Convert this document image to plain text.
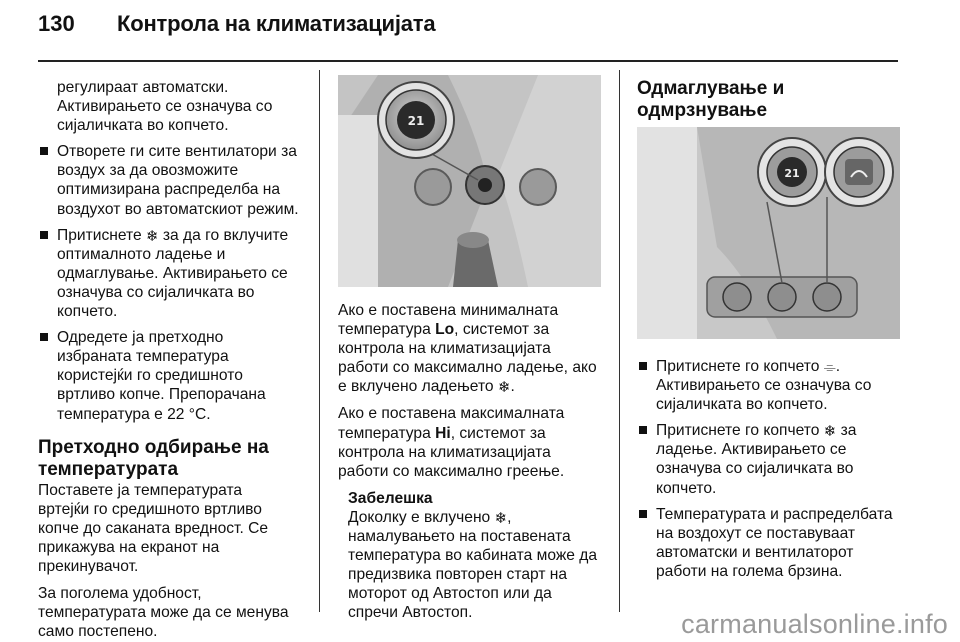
130 Контрола на климатизацијата

регулираат автоматски.

Активирањето се означува со

сијаличката во копчето.

Отворете ги сите вентилатори за

воздух за да овозможите

оптимизирана распределба на

воздухот во автоматскиот режим.

Притиснете ❄ за да го вклучите

оптималното ладење и

одмаглување. Активирањето се

означува со сијаличката во

копчето.

Одредете ја претходно

избраната температура

користејќи го средишното

вртливо копче. Препорачана

температура е 22 °C.

Претходно одбирање на
температурата

Поставете ја температурата

вртејќи го средишното вртливо

копче до саканата вредност. Се

прикажува на екранот на

прекинувачот.

За поголема удобност,

температурата може да се менува

само постепено.

21

Ако е поставена минималната

температура Lo, системот за

контрола на климатизацијата

работи со максимално ладење, ако

е вклучено ладењето ❄.

Ако е поставена максималната

температура Hi, системот за

контрола на климатизацијата

работи со максимално греење.

Забелешка

Доколку е вклучено ❄,

намалувањето на поставената

температура во кабината може да

предизвика повторен старт на

моторот од Автостоп или да

спречи Автостоп.

Одмаглување и одмрзнување
21

Притиснете го копчето ⌯.

Активирањето се означува со

сијаличката во копчето.

Притиснете го копчето ❄ за

ладење. Активирањето се

означува со сијаличката во

копчето.

Температурата и распределбата

на воздохут се поставуваат

автоматски и вентилаторот

работи на голема брзина.

carmanualsonline.info
